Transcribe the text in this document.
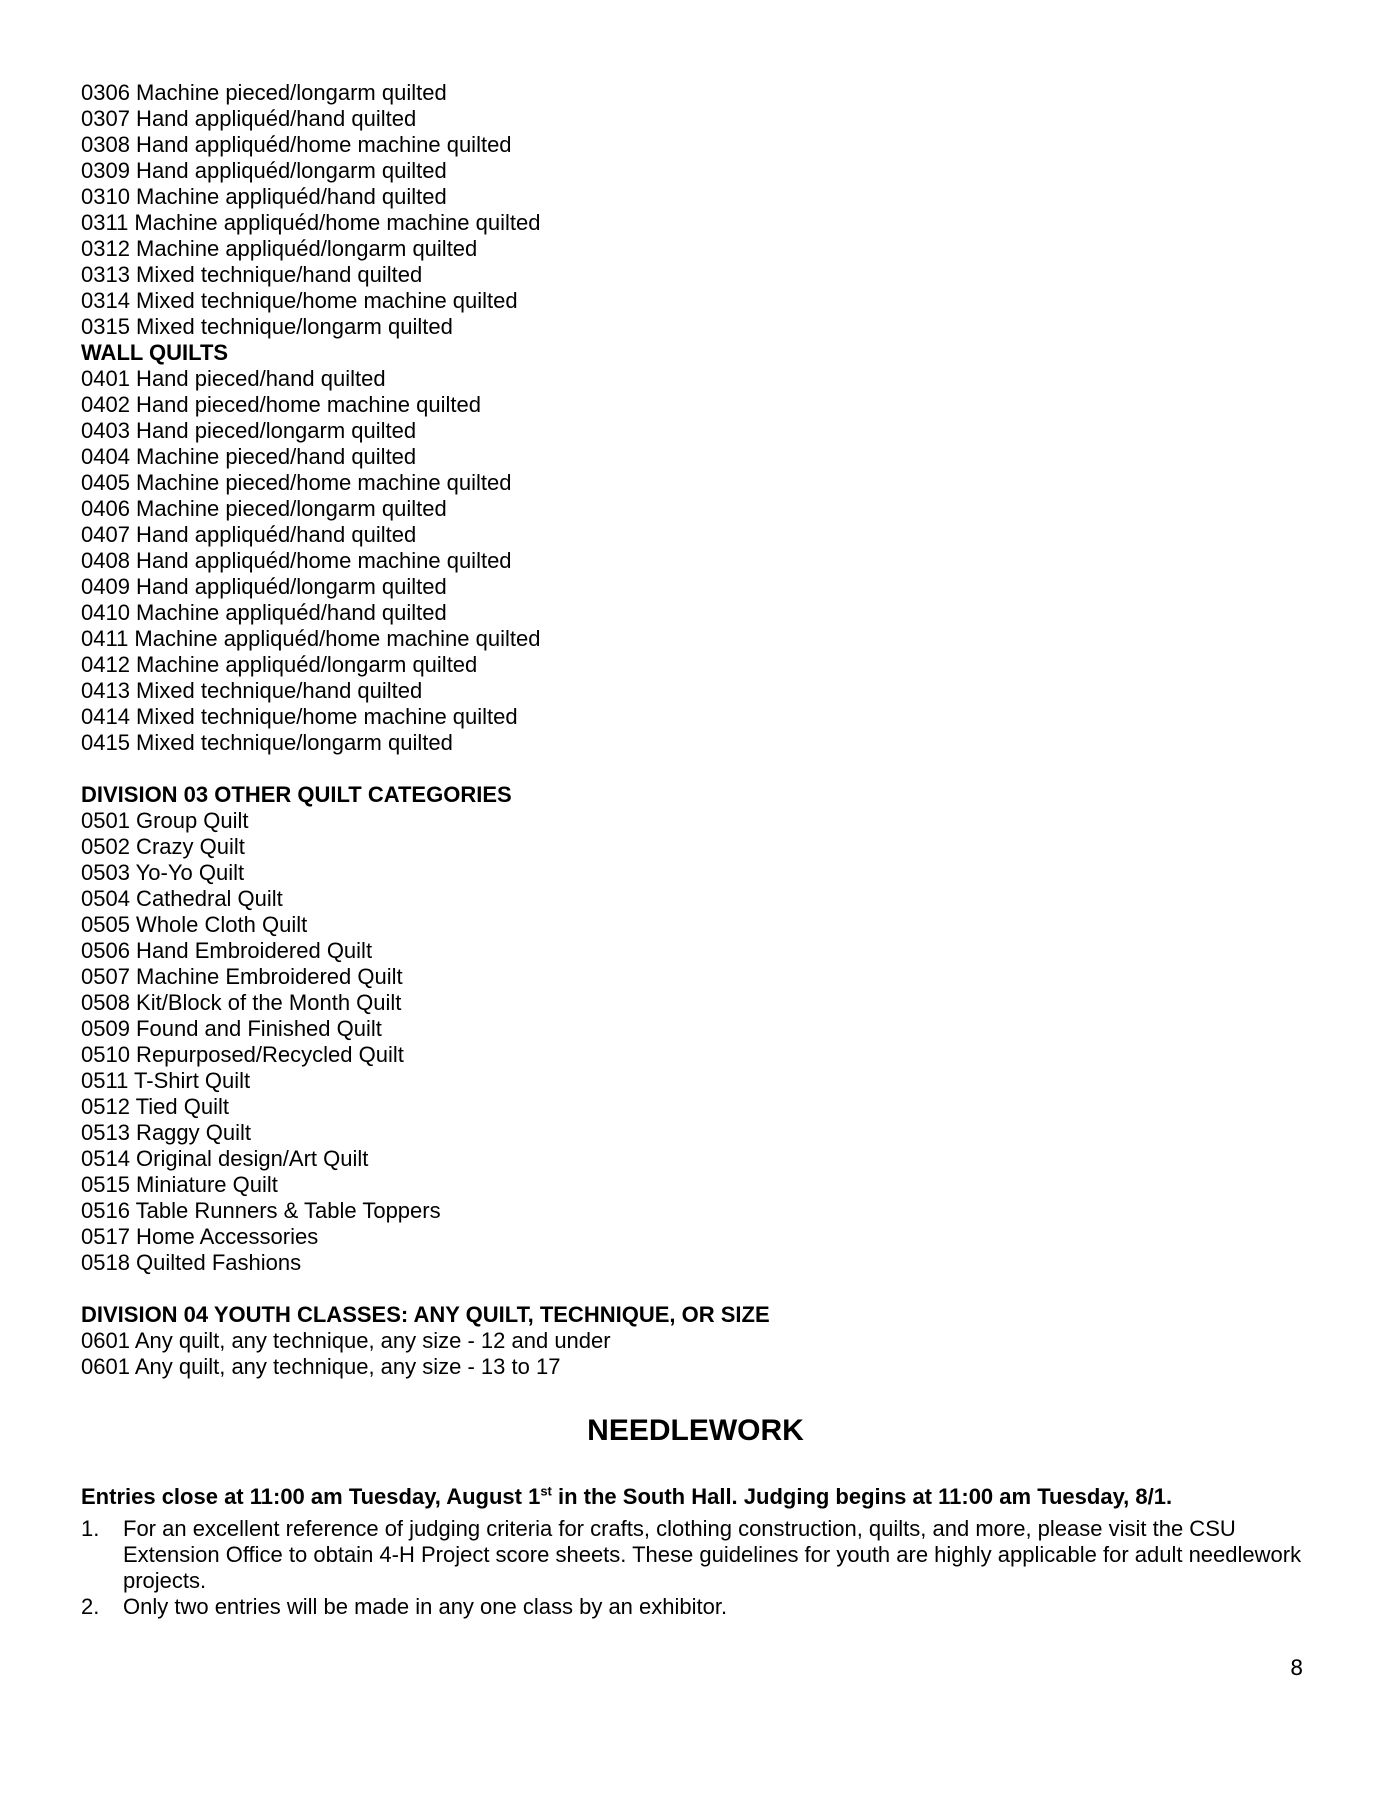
0306 Machine pieced/longarm quilted
0307 Hand appliquéd/hand quilted
0308 Hand appliquéd/home machine quilted
0309 Hand appliquéd/longarm quilted
0310 Machine appliquéd/hand quilted
0311 Machine appliquéd/home machine quilted
0312 Machine appliquéd/longarm quilted
0313 Mixed technique/hand quilted
0314 Mixed technique/home machine quilted
0315 Mixed technique/longarm quilted
WALL QUILTS
0401 Hand pieced/hand quilted
0402 Hand pieced/home machine quilted
0403 Hand pieced/longarm quilted
0404 Machine pieced/hand quilted
0405 Machine pieced/home machine quilted
0406 Machine pieced/longarm quilted
0407 Hand appliquéd/hand quilted
0408 Hand appliquéd/home machine quilted
0409 Hand appliquéd/longarm quilted
0410 Machine appliquéd/hand quilted
0411 Machine appliquéd/home machine quilted
0412 Machine appliquéd/longarm quilted
0413 Mixed technique/hand quilted
0414 Mixed technique/home machine quilted
0415 Mixed technique/longarm quilted
DIVISION 03 OTHER QUILT CATEGORIES
0501 Group Quilt
0502 Crazy Quilt
0503 Yo-Yo Quilt
0504 Cathedral Quilt
0505 Whole Cloth Quilt
0506 Hand Embroidered Quilt
0507 Machine Embroidered Quilt
0508 Kit/Block of the Month Quilt
0509 Found and Finished Quilt
0510 Repurposed/Recycled Quilt
0511 T-Shirt Quilt
0512 Tied Quilt
0513 Raggy Quilt
0514 Original design/Art Quilt
0515 Miniature Quilt
0516 Table Runners & Table Toppers
0517 Home Accessories
0518 Quilted Fashions
DIVISION 04 YOUTH CLASSES: ANY QUILT, TECHNIQUE, OR SIZE
0601 Any quilt, any technique, any size - 12 and under
0601 Any quilt, any technique, any size - 13 to 17
NEEDLEWORK
Entries close at 11:00 am Tuesday, August 1st in the South Hall. Judging begins at 11:00 am Tuesday, 8/1.
1. For an excellent reference of judging criteria for crafts, clothing construction, quilts, and more, please visit the CSU Extension Office to obtain 4-H Project score sheets. These guidelines for youth are highly applicable for adult needlework projects.
2. Only two entries will be made in any one class by an exhibitor.
8
